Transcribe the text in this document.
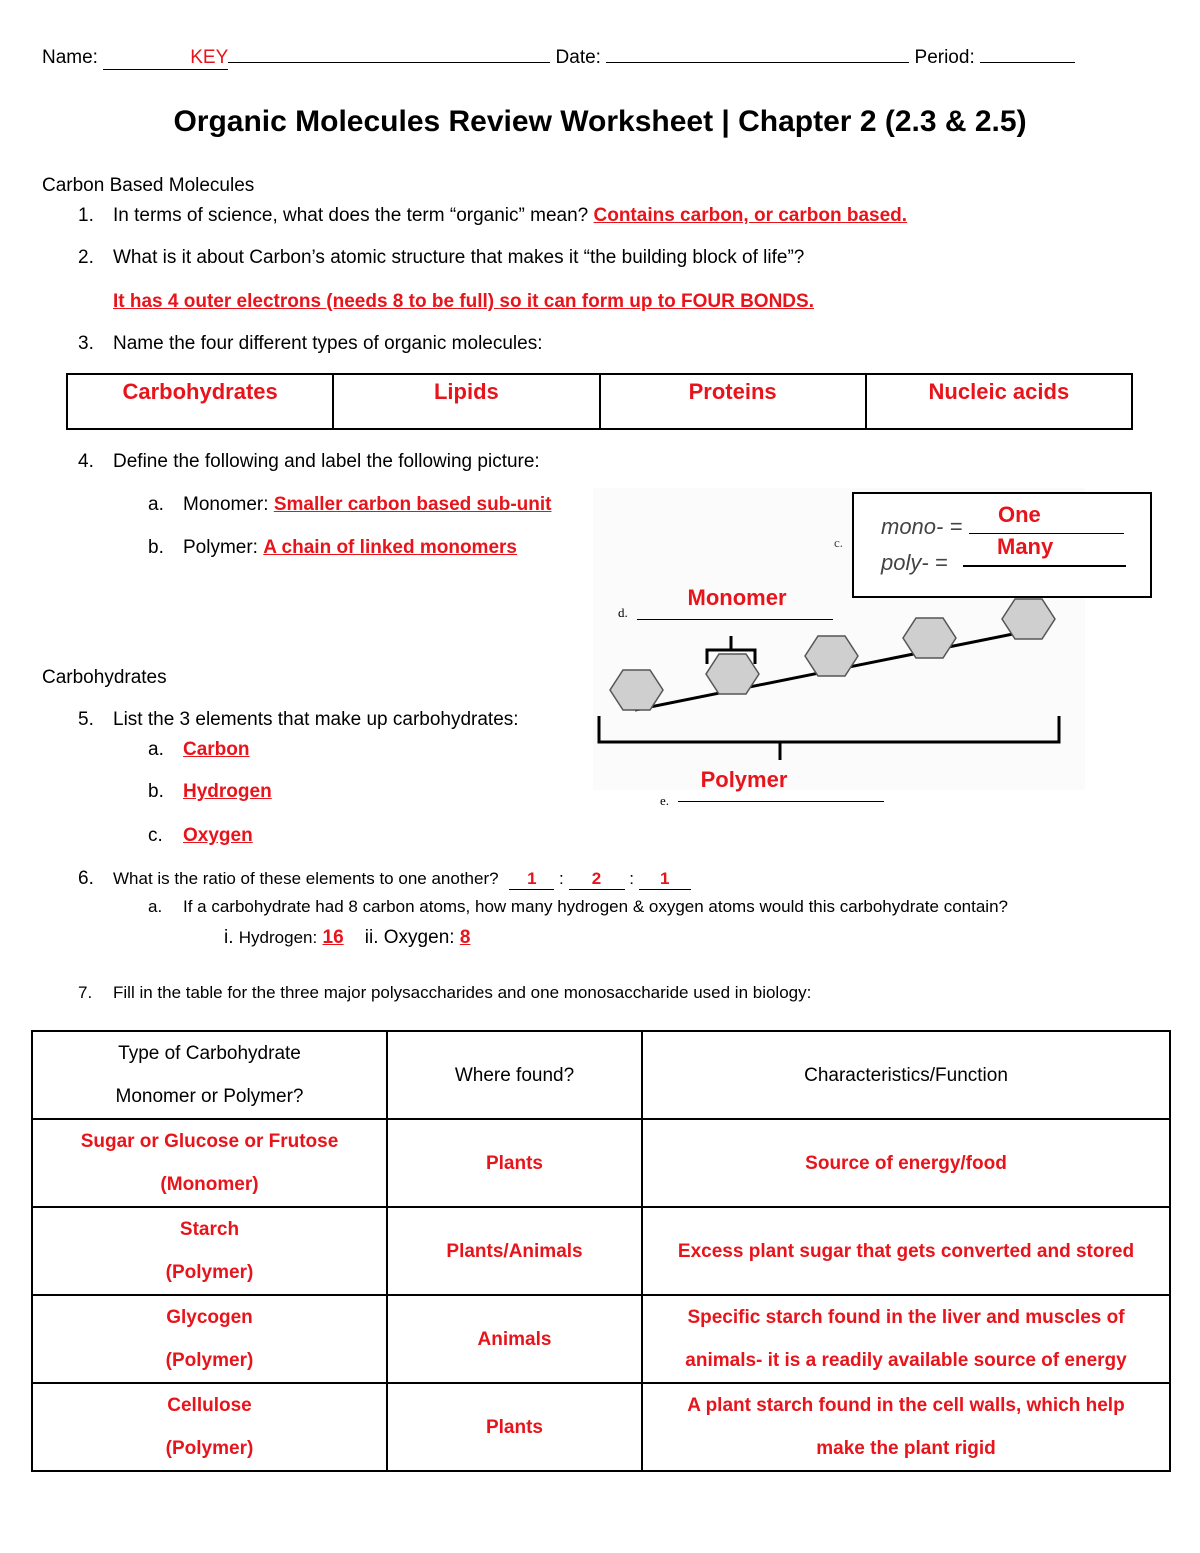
Name:	KEY	Date:	Period:
Organic Molecules Review Worksheet | Chapter 2 (2.3 & 2.5)
Carbon Based Molecules
1. In terms of science, what does the term “organic” mean? Contains carbon, or carbon based.
2. What is it about Carbon’s atomic structure that makes it “the building block of life”?
It has 4 outer electrons (needs 8 to be full) so it can form up to FOUR BONDS.
3. Name the four different types of organic molecules:
Carbohydrates	Lipids	Proteins	Nucleic acids
4. Define the following and label the following picture:
a. Monomer: Smaller carbon based sub-unit
b. Polymer: A chain of linked monomers
d.
Monomer
e.
Polymer
c.
mono- =
poly- =
One
Many
Carbohydrates
5. List the 3 elements that make up carbohydrates:
a. Carbon
b. Hydrogen
c. Oxygen
6. What is the ratio of these elements to one another? 1 : 2 : 1
a. If a carbohydrate had 8 carbon atoms, how many hydrogen & oxygen atoms would this carbohydrate contain?
i. Hydrogen: 16 ii. Oxygen: 8
7. Fill in the table for the three major polysaccharides and one monosaccharide used in biology:
Type of Carbohydrate
Monomer or Polymer?	Where found?	Characteristics/Function

Sugar or Glucose or Frutose
(Monomer)	Plants	Source of energy/food

Starch
(Polymer)	Plants/Animals	Excess plant sugar that gets converted and stored

Glycogen
(Polymer)	Animals	Specific starch found in the liver and muscles of
animals- it is a readily available source of energy

Cellulose
(Polymer)	Plants	A plant starch found in the cell walls, which help
make the plant rigid
